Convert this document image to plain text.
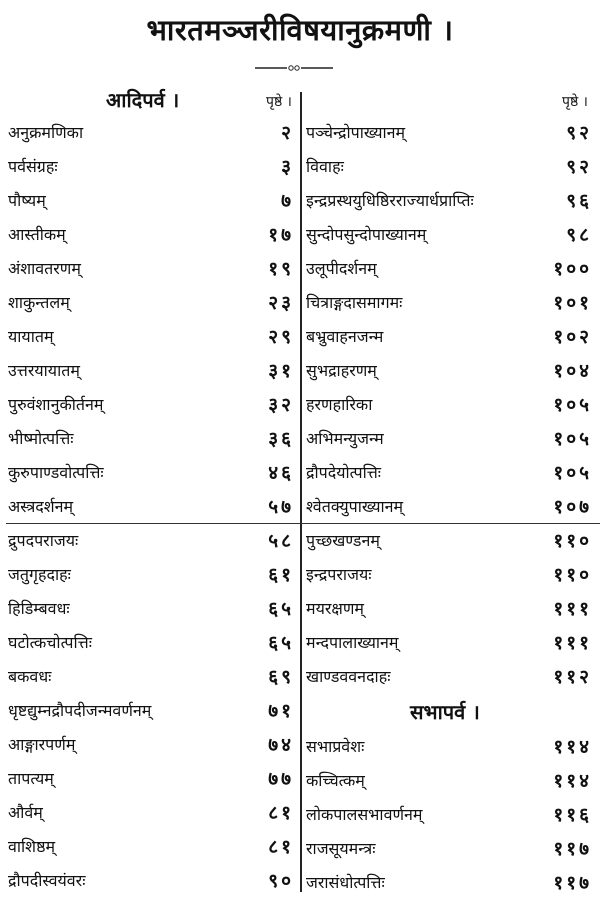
भारतमञ्जरीविषयानुक्रमणी ।
आदिपर्व ।	पृष्ठे ।
अनुक्रमणिका	२
पर्वसंग्रहः	३
पौष्यम्	७
आस्तीकम्	१७
अंशावतरणम्	१९
शाकुन्तलम्	२३
यायातम्	२९
उत्तरयायातम्	३१
पुरुवंशानुकीर्तनम्	३२
भीष्मोत्पत्तिः	३६
कुरुपाण्डवोत्पत्तिः	४६
अस्त्रदर्शनम्	५७
द्रुपदपराजयः	५८
जतुगृहदाहः	६१
हिडिम्बवधः	६५
घटोत्कचोत्पत्तिः	६५
बकवधः	६९
धृष्टद्युम्नद्रौपदीजन्मवर्णनम्	७१
आङ्गारपर्णम्	७४
तापत्यम्	७७
और्वम्	८१
वाशिष्ठम्	८१
द्रौपदीस्वयंवरः	९०
पृष्ठे ।
पञ्चेन्द्रोपाख्यानम्	९२
विवाहः	९२
इन्द्रप्रस्थयुधिष्ठिरराज्यार्धप्राप्तिः	९६
सुन्दोपसुन्दोपाख्यानम्	९८
उलूपीदर्शनम्	१००
चित्राङ्गदासमागमः	१०१
बभ्रुवाहनजन्म	१०२
सुभद्राहरणम्	१०४
हरणहारिका	१०५
अभिमन्युजन्म	१०५
द्रौपदेयोत्पत्तिः	१०५
श्वेतक्युपाख्यानम्	१०७
पुच्छखण्डनम्	११०
इन्द्रपराजयः	११०
मयरक्षणम्	१११
मन्दपालाख्यानम्	१११
खाण्डववनदाहः	११२
सभापर्व ।
सभाप्रवेशः	११४
कच्चित्कम्	११४
लोकपालसभावर्णनम्	११६
राजसूयमन्त्रः	११७
जरासंधोत्पत्तिः	११७
